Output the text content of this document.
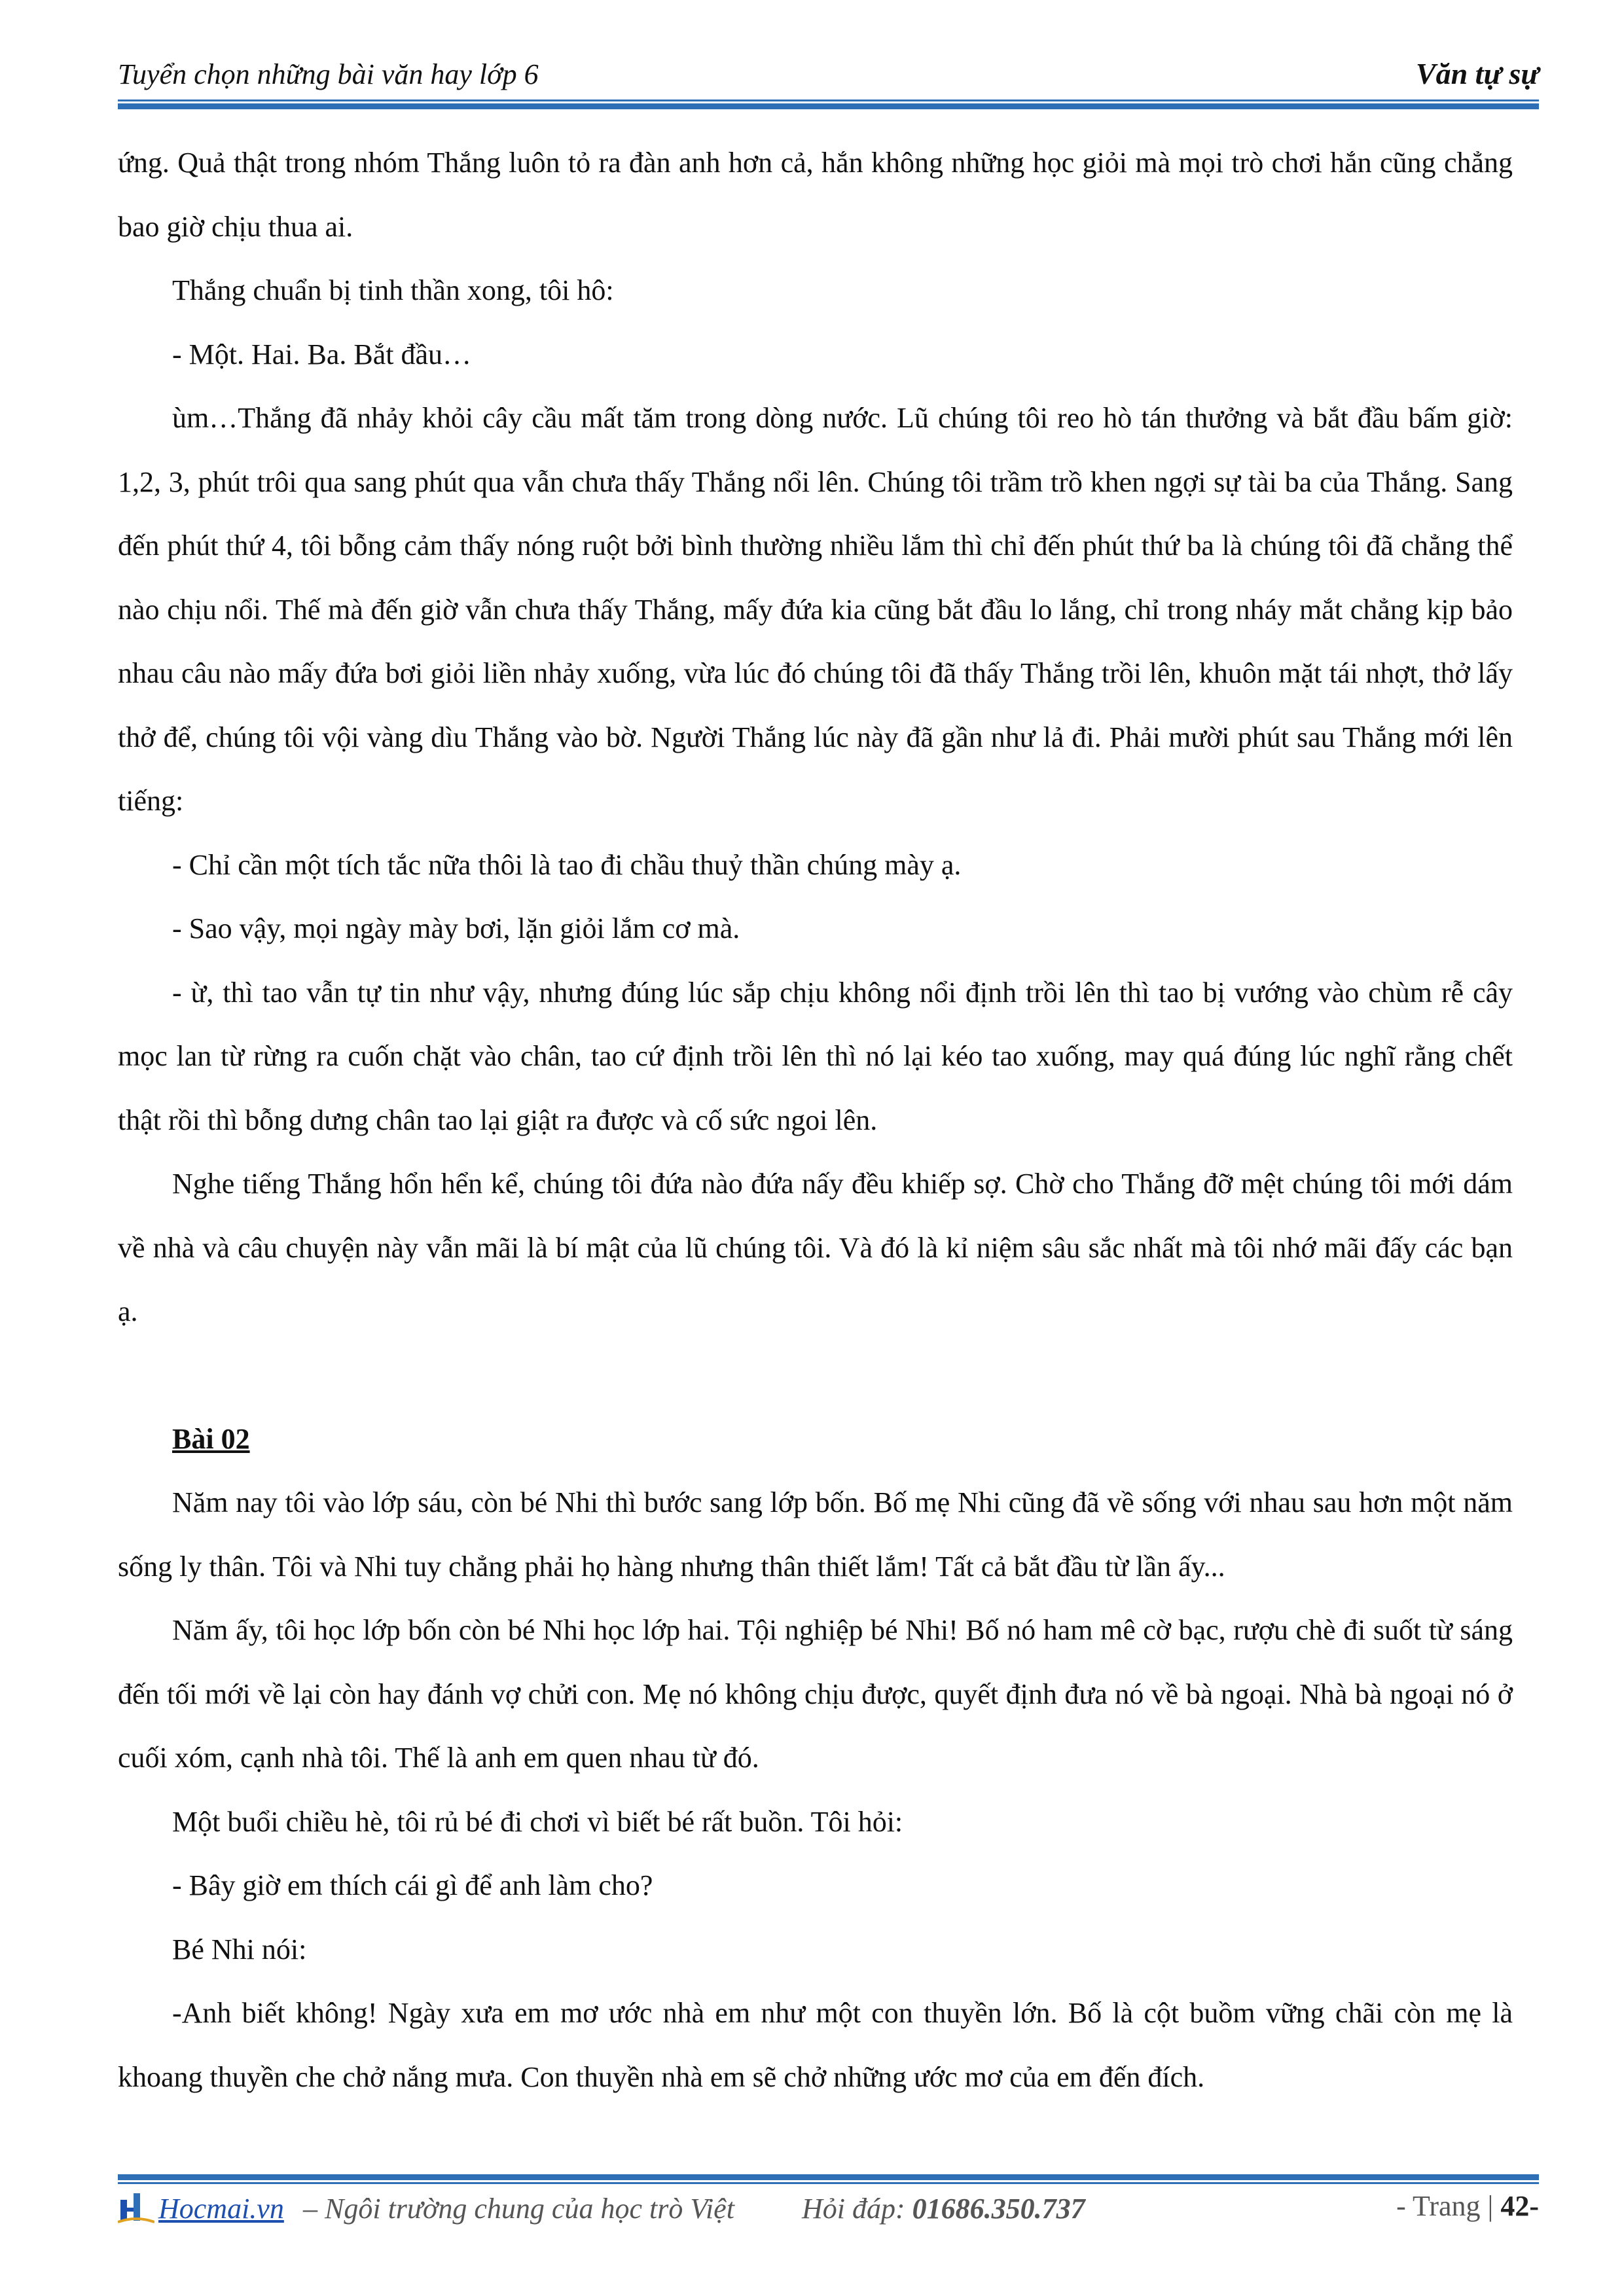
Tuyển chọn những bài văn hay lớp 6	Văn tự sự

ứng. Quả thật trong nhóm Thắng luôn tỏ ra đàn anh hơn cả, hắn không những học giỏi mà mọi trò chơi hắn cũng chẳng bao giờ chịu thua ai.

Thắng chuẩn bị tinh thần xong, tôi hô:

- Một. Hai. Ba. Bắt đầu…

ùm…Thắng đã nhảy khỏi cây cầu mất tăm trong dòng nước. Lũ chúng tôi reo hò tán thưởng và bắt đầu bấm giờ: 1,2, 3, phút trôi qua sang phút qua vẫn chưa thấy Thắng nổi lên. Chúng tôi trầm trồ khen ngợi sự tài ba của Thắng. Sang đến phút thứ 4, tôi bỗng cảm thấy nóng ruột bởi bình thường nhiều lắm thì chỉ đến phút thứ ba là chúng tôi đã chẳng thể nào chịu nổi. Thế mà đến giờ vẫn chưa thấy Thắng, mấy đứa kia cũng bắt đầu lo lắng, chỉ trong nháy mắt chẳng kịp bảo nhau câu nào mấy đứa bơi giỏi liền nhảy xuống, vừa lúc đó chúng tôi đã thấy Thắng trồi lên, khuôn mặt tái nhợt, thở lấy thở để, chúng tôi vội vàng dìu Thắng vào bờ. Người Thắng lúc này đã gần như lả đi. Phải mười phút sau Thắng mới lên tiếng:

- Chỉ cần một tích tắc nữa thôi là tao đi chầu thuỷ thần chúng mày ạ.

- Sao vậy, mọi ngày mày bơi, lặn giỏi lắm cơ mà.

- ừ, thì tao vẫn tự tin như vậy, nhưng đúng lúc sắp chịu không nổi định trồi lên thì tao bị vướng vào chùm rễ cây mọc lan từ rừng ra cuốn chặt vào chân, tao cứ định trồi lên thì nó lại kéo tao xuống, may quá đúng lúc nghĩ rằng chết thật rồi thì bỗng dưng chân tao lại giật ra được và cố sức ngoi lên.

Nghe tiếng Thắng hổn hển kể, chúng tôi đứa nào đứa nấy đều khiếp sợ. Chờ cho Thắng đỡ mệt chúng tôi mới dám về nhà và câu chuyện này vẫn mãi là bí mật của lũ chúng tôi. Và đó là kỉ niệm sâu sắc nhất mà tôi nhớ mãi đấy các bạn ạ.

Bài 02

Năm nay tôi vào lớp sáu, còn bé Nhi thì bước sang lớp bốn. Bố mẹ Nhi cũng đã về sống với nhau sau hơn một năm sống ly thân. Tôi và Nhi tuy chẳng phải họ hàng nhưng thân thiết lắm! Tất cả bắt đầu từ lần ấy...

Năm ấy, tôi học lớp bốn còn bé Nhi học lớp hai. Tội nghiệp bé Nhi! Bố nó ham mê cờ bạc, rượu chè đi suốt từ sáng đến tối mới về lại còn hay đánh vợ chửi con. Mẹ nó không chịu được, quyết định đưa nó về bà ngoại. Nhà bà ngoại nó ở cuối xóm, cạnh nhà tôi. Thế là anh em quen nhau từ đó.

Một buổi chiều hè, tôi rủ bé đi chơi vì biết bé rất buồn. Tôi hỏi:

- Bây giờ em thích cái gì để anh làm cho?

Bé Nhi nói:

-Anh biết không! Ngày xưa em mơ ước nhà em như một con thuyền lớn. Bố là cột buồm vững chãi còn mẹ là khoang thuyền che chở nắng mưa. Con thuyền nhà em sẽ chở những ước mơ của em đến đích.

Hocmai.vn – Ngôi trường chung của học trò Việt Hỏi đáp: 01686.350.737	- Trang | 42-
